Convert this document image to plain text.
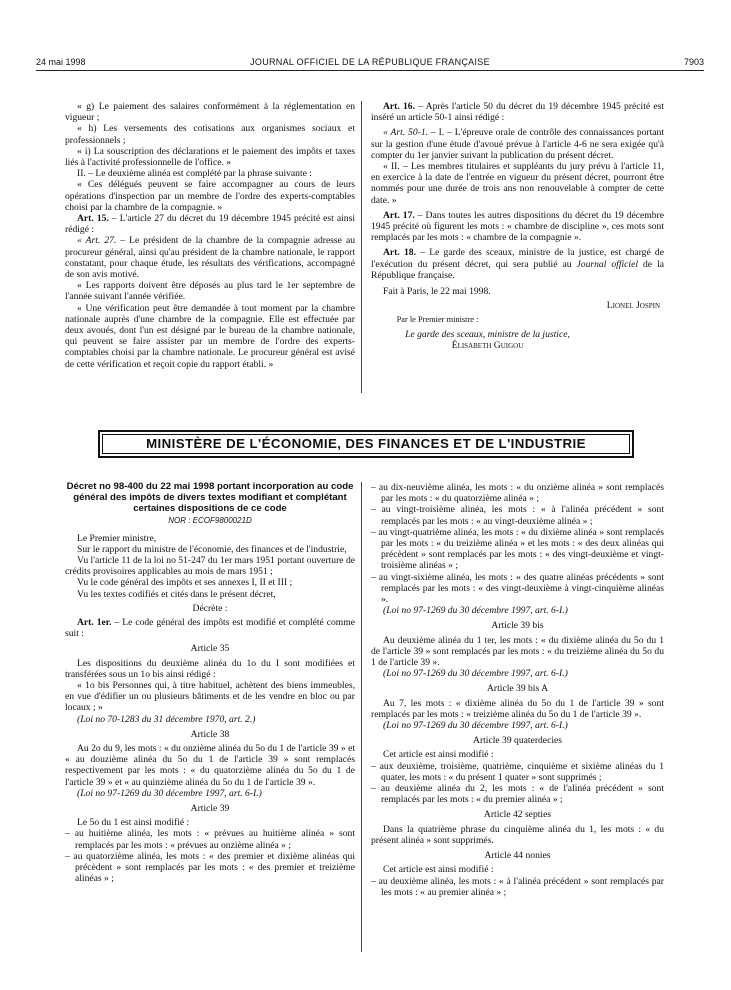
24 mai 1998	JOURNAL OFFICIEL DE LA RÉPUBLIQUE FRANÇAISE	7903

« g) Le paiement des salaires conformément à la réglementation en vigueur ;

« h) Les versements des cotisations aux organismes sociaux et professionnels ;

« i) La souscription des déclarations et le paiement des impôts et taxes liés à l'activité professionnelle de l'office. »

II. – Le deuxième alinéa est complété par la phrase suivante :

« Ces délégués peuvent se faire accompagner au cours de leurs opérations d'inspection par un membre de l'ordre des experts-comptables choisi par la chambre de la compagnie. »

Art. 15. – L'article 27 du décret du 19 décembre 1945 précité est ainsi rédigé :

« Art. 27. – Le président de la chambre de la compagnie adresse au procureur général, ainsi qu'au président de la chambre nationale, le rapport constatant, pour chaque étude, les résultats des vérifications, accompagné de son avis motivé.

« Les rapports doivent être déposés au plus tard le 1er septembre de l'année suivant l'année vérifiée.

« Une vérification peut être demandée à tout moment par la chambre nationale auprès d'une chambre de la compagnie. Elle est effectuée par deux avoués, dont l'un est désigné par le bureau de la chambre nationale, qui peuvent se faire assister par un membre de l'ordre des experts-comptables choisi par la chambre nationale. Le procureur général est avisé de cette vérification et reçoit copie du rapport établi. »

Art. 16. – Après l'article 50 du décret du 19 décembre 1945 précité est inséré un article 50-1 ainsi rédigé :

« Art. 50-1. – I. – L'épreuve orale de contrôle des connaissances portant sur la gestion d'une étude d'avoué prévue à l'article 4-6 ne sera exigée qu'à compter du 1er janvier suivant la publication du présent décret.

« II. – Les membres titulaires et suppléants du jury prévu à l'article 11, en exercice à la date de l'entrée en vigueur du présent décret, pourront être nommés pour une durée de trois ans non renouvelable à compter de cette date. »

Art. 17. – Dans toutes les autres dispositions du décret du 19 décembre 1945 précité où figurent les mots : « chambre de discipline », ces mots sont remplacés par les mots : « chambre de la compagnie ».

Art. 18. – Le garde des sceaux, ministre de la justice, est chargé de l'exécution du présent décret, qui sera publié au Journal officiel de la République française.

Fait à Paris, le 22 mai 1998.

Lionel Jospin

Par le Premier ministre :

Le garde des sceaux, ministre de la justice,

Élisabeth Guigou

MINISTÈRE DE L'ÉCONOMIE, DES FINANCES ET DE L'INDUSTRIE

Décret no 98-400 du 22 mai 1998 portant incorporation au code général des impôts de divers textes modifiant et complétant certaines dispositions de ce code

NOR : ECOF9800021D

Le Premier ministre,

Sur le rapport du ministre de l'économie, des finances et de l'industrie,

Vu l'article 11 de la loi no 51-247 du 1er mars 1951 portant ouverture de crédits provisoires applicables au mois de mars 1951 ;

Vu le code général des impôts et ses annexes I, II et III ;

Vu les textes codifiés et cités dans le présent décret,

Décrète :

Art. 1er. – Le code général des impôts est modifié et complété comme suit :

Article 35

Les dispositions du deuxième alinéa du 1o du I sont modifiées et transférées sous un 1o bis ainsi rédigé :

« 1o bis Personnes qui, à titre habituel, achètent des biens immeubles, en vue d'édifier un ou plusieurs bâtiments et de les vendre en bloc ou par locaux ; »

(Loi no 70-1283 du 31 décembre 1970, art. 2.)

Article 38

Au 2o du 9, les mots : « du onzième alinéa du 5o du 1 de l'article 39 » et « au douzième alinéa du 5o du 1 de l'article 39 » sont remplacés respectivement par les mots : « du quatorzième alinéa du 5o du 1 de l'article 39 » et « au quinzième alinéa du 5o du 1 de l'article 39 ».

(Loi no 97-1269 du 30 décembre 1997, art. 6-I.)

Article 39

Le 5o du 1 est ainsi modifié :

– au huitième alinéa, les mots : « prévues au huitième alinéa » sont remplacés par les mots : « prévues au onzième alinéa » ;

– au quatorzième alinéa, les mots : « des premier et dixième alinéas qui précèdent » sont remplacés par les mots : « des premier et treizième alinéas » ;

– au dix-neuvième alinéa, les mots : « du onzième alinéa » sont remplacés par les mots : « du quatorzième alinéa » ;

– au vingt-troisième alinéa, les mots : « à l'alinéa précédent » sont remplacés par les mots : « au vingt-deuxième alinéa » ;

– au vingt-quatrième alinéa, les mots : « du dixième alinéa » sont remplacés par les mots : « du treizième alinéa » et les mots : « des deux alinéas qui précèdent » sont remplacés par les mots : « des vingt-deuxième et vingt-troisième alinéas » ;

– au vingt-sixième alinéa, les mots : « des quatre alinéas précédents » sont remplacés par les mots : « des vingt-deuxième à vingt-cinquième alinéas ».

(Loi no 97-1269 du 30 décembre 1997, art. 6-I.)

Article 39 bis

Au deuxième alinéa du 1 ter, les mots : « du dixième alinéa du 5o du 1 de l'article 39 » sont remplacés par les mots : « du treizième alinéa du 5o du 1 de l'article 39 ».

(Loi no 97-1269 du 30 décembre 1997, art. 6-I.)

Article 39 bis A

Au 7, les mots : « dixième alinéa du 5o du 1 de l'article 39 » sont remplacés par les mots : « treizième alinéa du 5o du 1 de l'article 39 ».

(Loi no 97-1269 du 30 décembre 1997, art. 6-I.)

Article 39 quaterdecies

Cet article est ainsi modifié :

– aux deuxième, troisième, quatrième, cinquième et sixième alinéas du 1 quater, les mots : « du présent 1 quater » sont supprimés ;

– au deuxième alinéa du 2, les mots : « de l'alinéa précédent » sont remplacés par les mots : « du premier alinéa » ;

Article 42 septies

Dans la quatrième phrase du cinquième alinéa du 1, les mots : « du présent alinéa » sont supprimés.

Article 44 nonies

Cet article est ainsi modifié :

– au deuxième alinéa, les mots : « à l'alinéa précédent » sont remplacés par les mots : « au premier alinéa » ;
